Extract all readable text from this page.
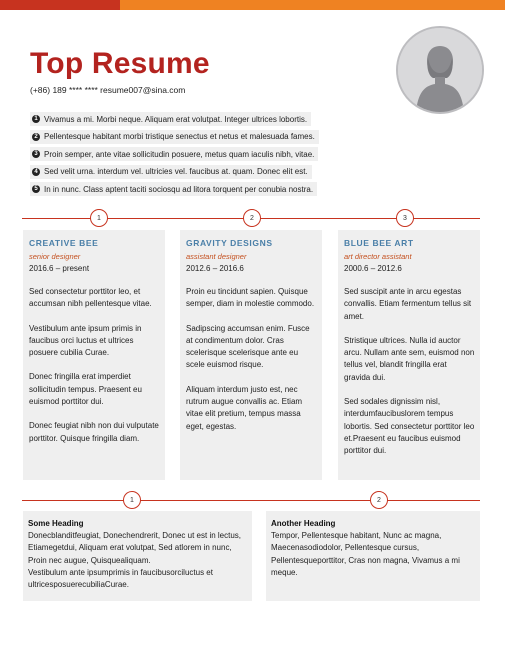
Top Resume
(+86) 189 **** **** resume007@sina.com
1 Vivamus a mi. Morbi neque. Aliquam erat volutpat. Integer ultrices lobortis.
2 Pellentesque habitant morbi tristique senectus et netus et malesuada fames.
3 Proin semper, ante vitae sollicitudin posuere, metus quam iaculis nibh, vitae.
4 Sed velit urna. interdum vel. ultricies vel. faucibus at. quam. Donec elit est.
5 In in nunc. Class aptent taciti sociosqu ad litora torquent per conubia nostra.
1	2	3

CREATIVE BEE

senior designer

2016.6 – present

Sed consectetur porttitor leo, et accumsan nibh pellentesque vitae.

Vestibulum ante ipsum primis in faucibus orci luctus et ultrices posuere cubilia Curae.

Donec fringilla erat imperdiet sollicitudin tempus. Praesent eu euismod porttitor dui.

Donec feugiat nibh non dui vulputate porttitor. Quisque fringilla diam.

GRAVITY DESIGNS

assistant designer

2012.6 – 2016.6

Proin eu tincidunt sapien. Quisque semper, diam in molestie commodo.

Sadipscing accumsan enim. Fusce at condimentum dolor. Cras scelerisque scelerisque ante eu scele euismod risque.

Aliquam interdum justo est, nec rutrum augue convallis ac. Etiam vitae elit pretium, tempus massa eget, egestas.

BLUE BEE ART

art director assistant

2000.6 – 2012.6

Sed suscipit ante in arcu egestas convallis. Etiam fermentum tellus sit amet.

Stristique ultrices. Nulla id auctor arcu. Nullam ante sem, euismod non tellus vel, blandit fringilla erat gravida dui.

Sed sodales dignissim nisl, interdumfaucibuslorem tempus lobortis. Sed consectetur porttitor leo et.Praesent eu faucibus euismod porttitor dui.

1	2

Some Heading

Donecblanditfeugiat, Donechendrerit, Donec ut est in lectus, Etiamegetdui, Aliquam erat volutpat, Sed atlorem in nunc, Proin nec augue, Quisquealiquam.

Vestibulum ante ipsumprimis in faucibusorciluctus et ultricesposuerecubiliaCurae.

Another Heading

Tempor, Pellentesque habitant, Nunc ac magna, Maecenasodiodolor, Pellentesque cursus, Pellentesqueporttitor, Cras non magna, Vivamus a mi meque.
